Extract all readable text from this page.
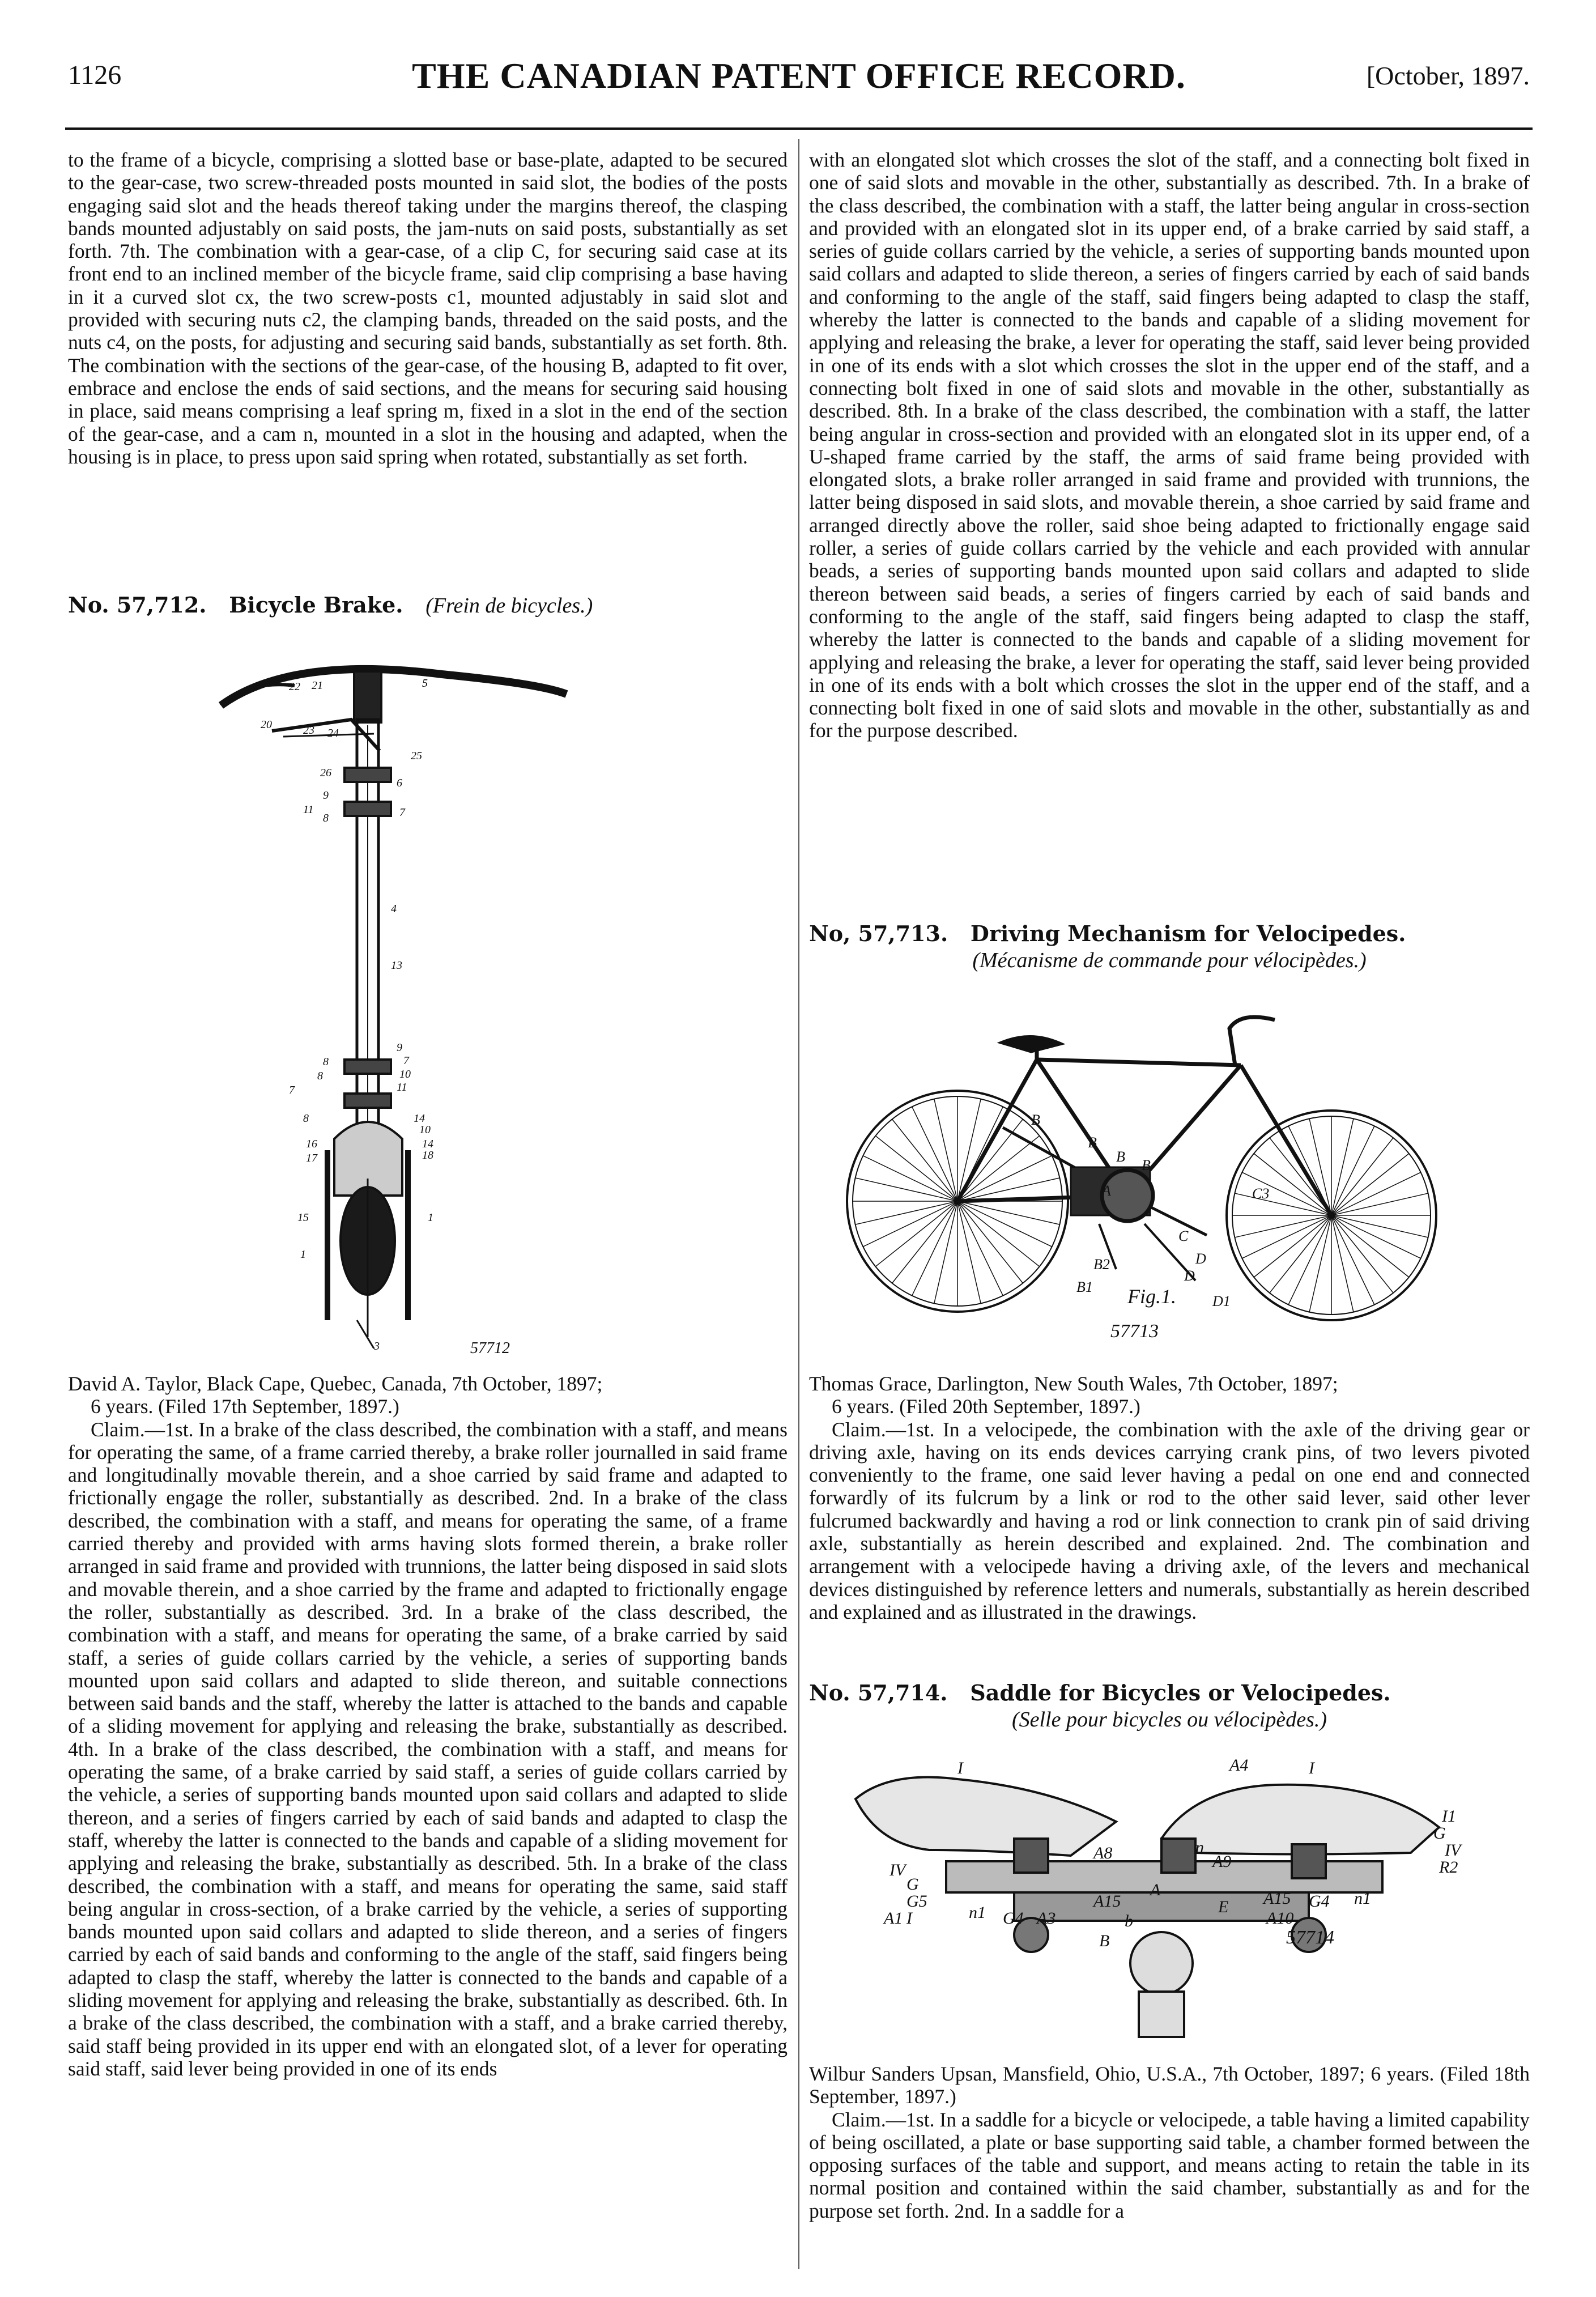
1126	THE CANADIAN PATENT OFFICE RECORD.	[October, 1897.

to the frame of a bicycle, comprising a slotted base or base-plate, adapted to be secured to the gear-case, two screw-threaded posts mounted in said slot, the bodies of the posts engaging said slot and the heads thereof taking under the margins thereof, the clasping bands mounted adjustably on said posts, the jam-nuts on said posts, substantially as set forth. 7th. The combination with a gear-case, of a clip C, for securing said case at its front end to an inclined member of the bicycle frame, said clip comprising a base having in it a curved slot cx, the two screw-posts c1, mounted adjustably in said slot and provided with securing nuts c2, the clamping bands, threaded on the said posts, and the nuts c4, on the posts, for adjusting and securing said bands, substantially as set forth. 8th. The combination with the sections of the gear-case, of the housing B, adapted to fit over, embrace and enclose the ends of said sections, and the means for securing said housing in place, said means comprising a leaf spring m, fixed in a slot in the end of the section of the gear-case, and a cam n, mounted in a slot in the housing and adapted, when the housing is in place, to press upon said spring when rotated, substantially as set forth.

No. 57,712. Bicycle Brake. (Frein de bicycles.)
22 21	5
20	23 24
25
26
6
9
11	7
8
4
13
9
7
8
10
8
11
7
8	14
10
14
16
18
17
15	1
1
3	57712

David A. Taylor, Black Cape, Quebec, Canada, 7th October, 1897;

6 years. (Filed 17th September, 1897.)

Claim.—1st. In a brake of the class described, the combination with a staff, and means for operating the same, of a frame carried thereby, a brake roller journalled in said frame and longitudinally movable therein, and a shoe carried by said frame and adapted to frictionally engage the roller, substantially as described. 2nd. In a brake of the class described, the combination with a staff, and means for operating the same, of a frame carried thereby and provided with arms having slots formed therein, a brake roller arranged in said frame and provided with trunnions, the latter being disposed in said slots and movable therein, and a shoe carried by the frame and adapted to frictionally engage the roller, substantially as described. 3rd. In a brake of the class described, the combination with a staff, and means for operating the same, of a brake carried by said staff, a series of guide collars carried by the vehicle, a series of supporting bands mounted upon said collars and adapted to slide thereon, and suitable connections between said bands and the staff, whereby the latter is attached to the bands and capable of a sliding movement for applying and releasing the brake, substantially as described. 4th. In a brake of the class described, the combination with a staff, and means for operating the same, of a brake carried by said staff, a series of guide collars carried by the vehicle, a series of supporting bands mounted upon said collars and adapted to slide thereon, and a series of fingers carried by each of said bands and adapted to clasp the staff, whereby the latter is connected to the bands and capable of a sliding movement for applying and releasing the brake, substantially as described. 5th. In a brake of the class described, the combination with a staff, and means for operating the same, said staff being angular in cross-section, of a brake carried by the vehicle, a series of supporting bands mounted upon said collars and adapted to slide thereon, and a series of fingers carried by each of said bands and conforming to the angle of the staff, said fingers being adapted to clasp the staff, whereby the latter is connected to the bands and capable of a sliding movement for applying and releasing the brake, substantially as described. 6th. In a brake of the class described, the combination with a staff, and a brake carried thereby, said staff being provided in its upper end with an elongated slot, of a lever for operating said staff, said lever being provided in one of its ends

with an elongated slot which crosses the slot of the staff, and a connecting bolt fixed in one of said slots and movable in the other, substantially as described. 7th. In a brake of the class described, the combination with a staff, the latter being angular in cross-section and provided with an elongated slot in its upper end, of a brake carried by said staff, a series of guide collars carried by the vehicle, a series of supporting bands mounted upon said collars and adapted to slide thereon, a series of fingers carried by each of said bands and conforming to the angle of the staff, said fingers being adapted to clasp the staff, whereby the latter is connected to the bands and capable of a sliding movement for applying and releasing the brake, a lever for operating the staff, said lever being provided in one of its ends with a slot which crosses the slot in the upper end of the staff, and a connecting bolt fixed in one of said slots and movable in the other, substantially as described. 8th. In a brake of the class described, the combination with a staff, the latter being angular in cross-section and provided with an elongated slot in its upper end, of a U-shaped frame carried by the staff, the arms of said frame being provided with elongated slots, a brake roller arranged in said frame and provided with trunnions, the latter being disposed in said slots, and movable therein, a shoe carried by said frame and arranged directly above the roller, said shoe being adapted to frictionally engage said roller, a series of guide collars carried by the vehicle and each provided with annular beads, a series of supporting bands mounted upon said collars and adapted to slide thereon between said beads, a series of fingers carried by each of said bands and conforming to the angle of the staff, said fingers being adapted to clasp the staff, whereby the latter is connected to the bands and capable of a sliding movement for applying and releasing the brake, a lever for operating the staff, said lever being provided in one of its ends with a bolt which crosses the slot in the upper end of the staff, and a connecting bolt fixed in one of said slots and movable in the other, substantially as and for the purpose described.

No, 57,713. Driving Mechanism for Velocipedes.
(Mécanisme de commande pour vélocipèdes.)
B
B
B
B
C3
C
D
D
D1
B2
B1
A
Fig.1.
57713

Thomas Grace, Darlington, New South Wales, 7th October, 1897;

6 years. (Filed 20th September, 1897.)

Claim.—1st. In a velocipede, the combination with the axle of the driving gear or driving axle, having on its ends devices carrying crank pins, of two levers pivoted conveniently to the frame, one said lever having a pedal on one end and connected forwardly of its fulcrum by a link or rod to the other said lever, said other lever fulcrumed backwardly and having a rod or link connection to crank pin of said driving axle, substantially as herein described and explained. 2nd. The combination and arrangement with a velocipede having a driving axle, of the levers and mechanical devices distinguished by reference letters and numerals, substantially as herein described and explained and as illustrated in the drawings.

No. 57,714. Saddle for Bicycles or Velocipedes.
(Selle pour bicycles ou vélocipèdes.)
I	A4	I
I1
G
IV
IV
R2
A8	n
A9
A
G
G5
A1 I	n1 G4 A3	b
A15	E A15
A10
G4 n1
B	57714

Wilbur Sanders Upsan, Mansfield, Ohio, U.S.A., 7th October, 1897; 6 years. (Filed 18th September, 1897.)

Claim.—1st. In a saddle for a bicycle or velocipede, a table having a limited capability of being oscillated, a plate or base supporting said table, a chamber formed between the opposing surfaces of the table and support, and means acting to retain the table in its normal position and contained within the said chamber, substantially as and for the purpose set forth. 2nd. In a saddle for a
